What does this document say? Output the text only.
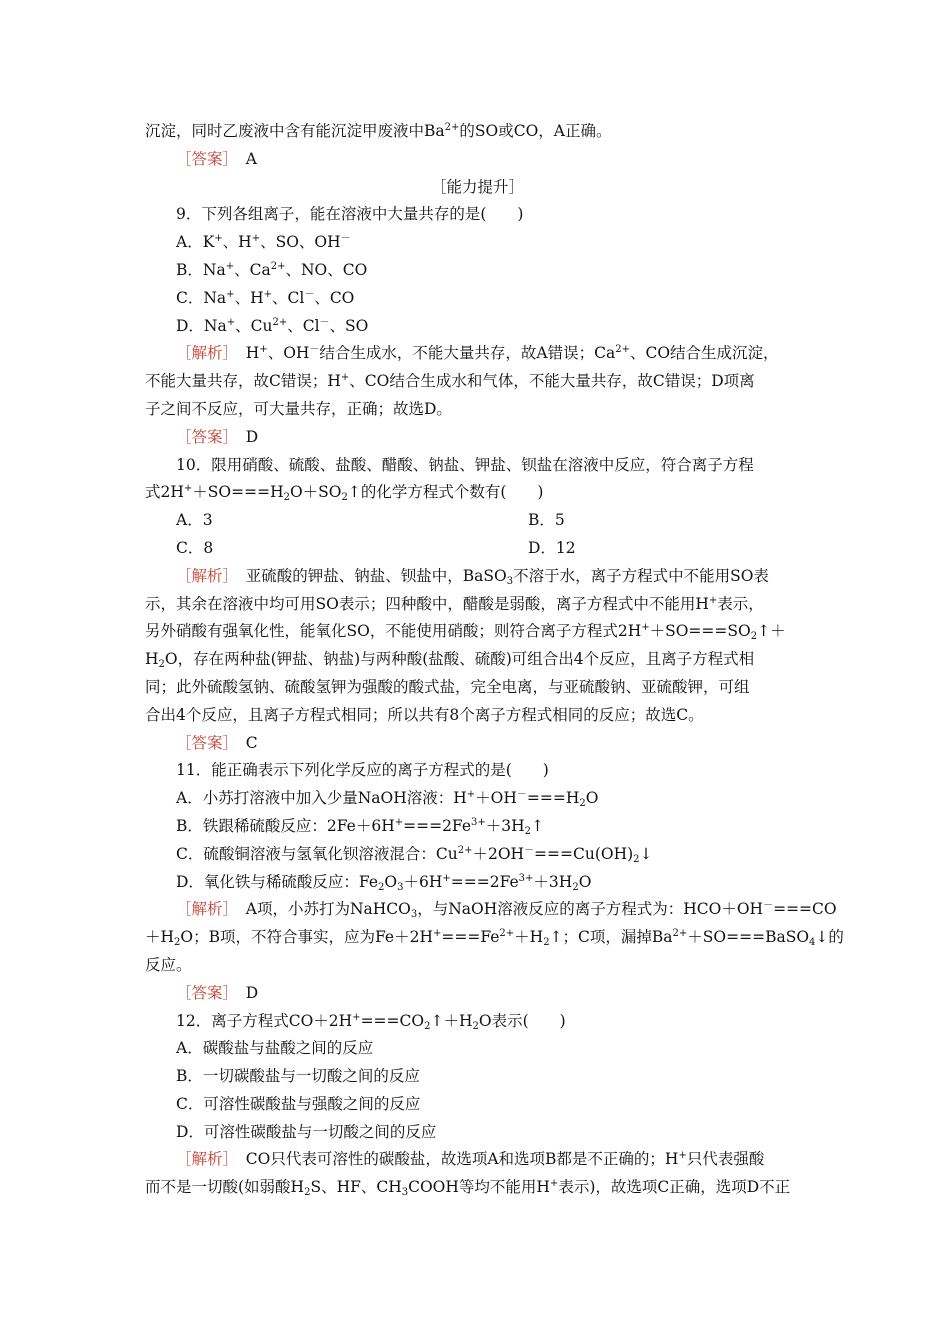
沉淀，同时乙废液中含有能沉淀甲废液中$Ba^{2+}$的SO或CO，A正确。
［答案］　A
［能力提升］
9．下列各组离子，能在溶液中大量共存的是(　　)
A．K+、H+、SO、OH－
B．Na+、$Ca^{2+}$、NO、CO
C．Na+、H+、Cl－、CO
D．Na+、$Cu^{2+}$、Cl－、SO
［解析］　H+、OH－结合生成水，不能大量共存，故A错误；$Ca^{2+}$、CO结合生成沉淀，
不能大量共存，故C错误；H+、CO结合生成水和气体，不能大量共存，故C错误；D项离
子之间不反应，可大量共存，正确；故选D。
［答案］　D
10．限用硝酸、硫酸、盐酸、醋酸、钠盐、钾盐、钡盐在溶液中反应，符合离子方程
式$2H^++SO===H_2O+SO_2↑$的化学方程式个数有(　　)
A．3	B．5
C．8	D．12
［解析］　亚硫酸的钾盐、钠盐、钡盐中，BaSO$_3$不溶于水，离子方程式中不能用SO表
示，其余在溶液中均可用SO表示；四种酸中，醋酸是弱酸，离子方程式中不能用H+表示，
另外硝酸有强氧化性，能氧化SO，不能使用硝酸；则符合离子方程式$2H^++SO===SO_2↑+$
$H_2O$，存在两种盐(钾盐、钠盐)与两种酸(盐酸、硫酸)可组合出4个反应，且离子方程式相
同；此外硫酸氢钠、硫酸氢钾为强酸的酸式盐，完全电离，与亚硫酸钠、亚硫酸钾，可组
合出4个反应，且离子方程式相同；所以共有8个离子方程式相同的反应；故选C。
［答案］　C
11．能正确表示下列化学反应的离子方程式的是(　　)
A．小苏打溶液中加入少量NaOH溶液：$H^++OH^-===H_2O$
B．铁跟稀硫酸反应：$2Fe+6H^+===2Fe^{3+}+3H_2↑$
C．硫酸铜溶液与氢氧化钡溶液混合：$Cu^{2+}+2OH^-===Cu(OH)_2↓$
D．氧化铁与稀硫酸反应：$Fe_2O_3+6H^+===2Fe^{3+}+3H_2O$
［解析］　A项，小苏打为NaHCO$_3$，与NaOH溶液反应的离子方程式为：HCO＋OH－===CO
$+H_2O$；B项，不符合事实，应为$Fe+2H^+===Fe^{2+}+H_2↑$；C项，漏掉$Ba^{2+}+SO===BaSO_4↓$的
反应。
［答案］　D
12．离子方程式$CO+2H^+===CO_2↑+H_2O$表示(　　)
A．碳酸盐与盐酸之间的反应
B．一切碳酸盐与一切酸之间的反应
C．可溶性碳酸盐与强酸之间的反应
D．可溶性碳酸盐与一切酸之间的反应
［解析］　CO只代表可溶性的碳酸盐，故选项A和选项B都是不正确的；H+只代表强酸
而不是一切酸(如弱酸$H_2S$、HF、$CH_3COOH$等均不能用H+表示)，故选项C正确，选项D不正
